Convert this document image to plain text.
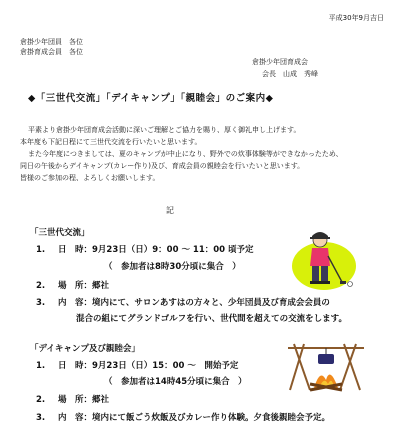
平成30年9月吉日
倉掛少年団員　各位
倉掛育成会員　各位
倉掛少年団育成会
会長　山成　秀峰
◆「三世代交流」「デイキャンプ」「親睦会」のご案内◆
平素より倉掛少年団育成会活動に深いご理解とご協力を賜り、厚く御礼申し上げます。
本年度も下記日程にて三世代交流を行いたいと思います。
また今年度につきましては、夏のキャンプが中止になり、野外での炊事体験等ができなかったため、
同日の午後からデイキャンプ(カレー作り)及び、育成会員の親睦会を行いたいと思います。
皆様のご参加の程、よろしくお願いします。
記
「 三世代交流 」
1. 日　時：9月23日（日）9：00 ～ 11：00 頃予定
（　参加者は8時30分頃に集合　）
2. 場　所：郷社
3. 内　容：境内にて、サロンあすはの方々と、少年団員及び育成会会員の
混合の組にてグランドゴルフを行い、世代間を超えての交流をします。
「 デイキャンプ及び親睦会 」
1. 日　時：9月23日（日）15：00 ～　開始予定
（　参加者は14時45分頃に集合　）
2. 場　所：郷社
3. 内　容：境内にて飯ごう炊飯及びカレー作り体験。夕食後親睦会予定。
